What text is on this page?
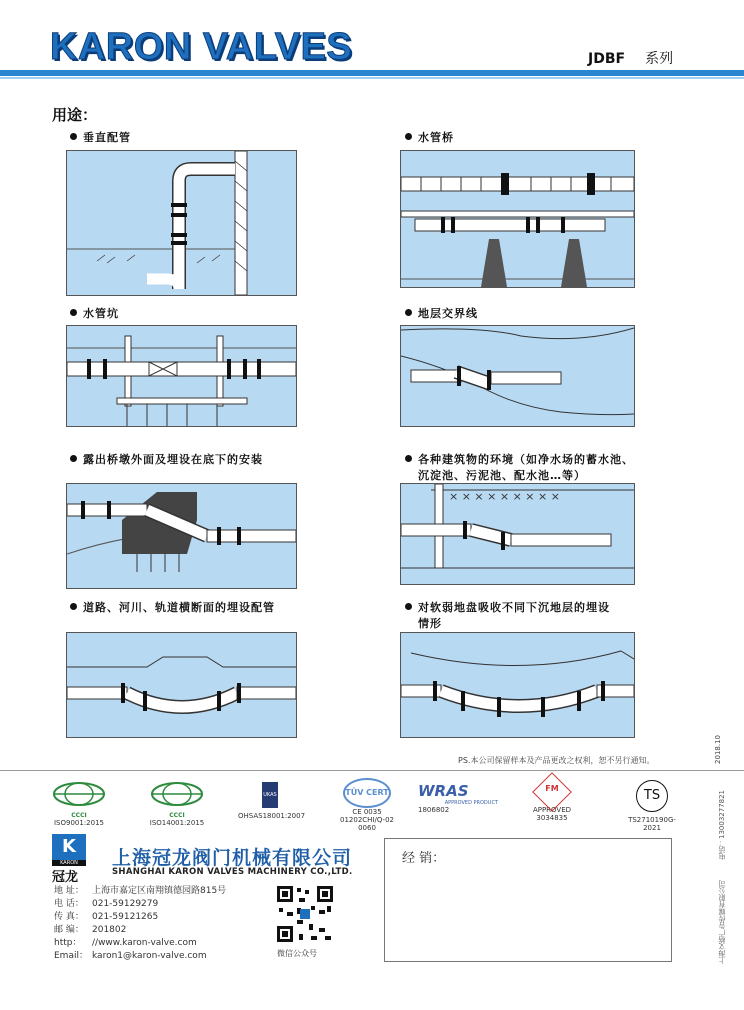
KARON VALVES	JDBF 系列
用途：
垂直配管	水管桥
水管坑	地层交界线
露出桥墩外面及埋设在底下的安装	各种建筑物的环境（如净水场的蓄水池、
沉淀池、污泥池、配水池…等）
× × × × × × × × ×
道路、河川、轨道横断面的埋设配管	对软弱地盘吸收不同下沉地层的埋设
情形
PS.本公司保留样本及产品更改之权利，恕不另行通知。	2018.10
CCCI
ISO9001:2015
CCCI
ISO14001:2015
UKAS
OHSAS18001:2007
TÜV CERT
CE 0035
01202CHI/Q-02 0060
WRAS
APPROVED PRODUCT
1806802
FM
APPROVED
3034835
TS
TS2710190G-2021
K
KARON
冠龙
上海冠龙阀门机械有限公司
SHANGHAI KARON VALVES MACHINERY CO.,LTD.
地 址： 上海市嘉定区南翔镇德园路815号
电 话： 021-59129279
传 真： 021-59121265
邮 编： 201802
http： //www.karon-valve.com
Email： karon1@karon-valve.com	微信公众号
经 销：	电话：13003277821
上海文格广告传媒有限公司
